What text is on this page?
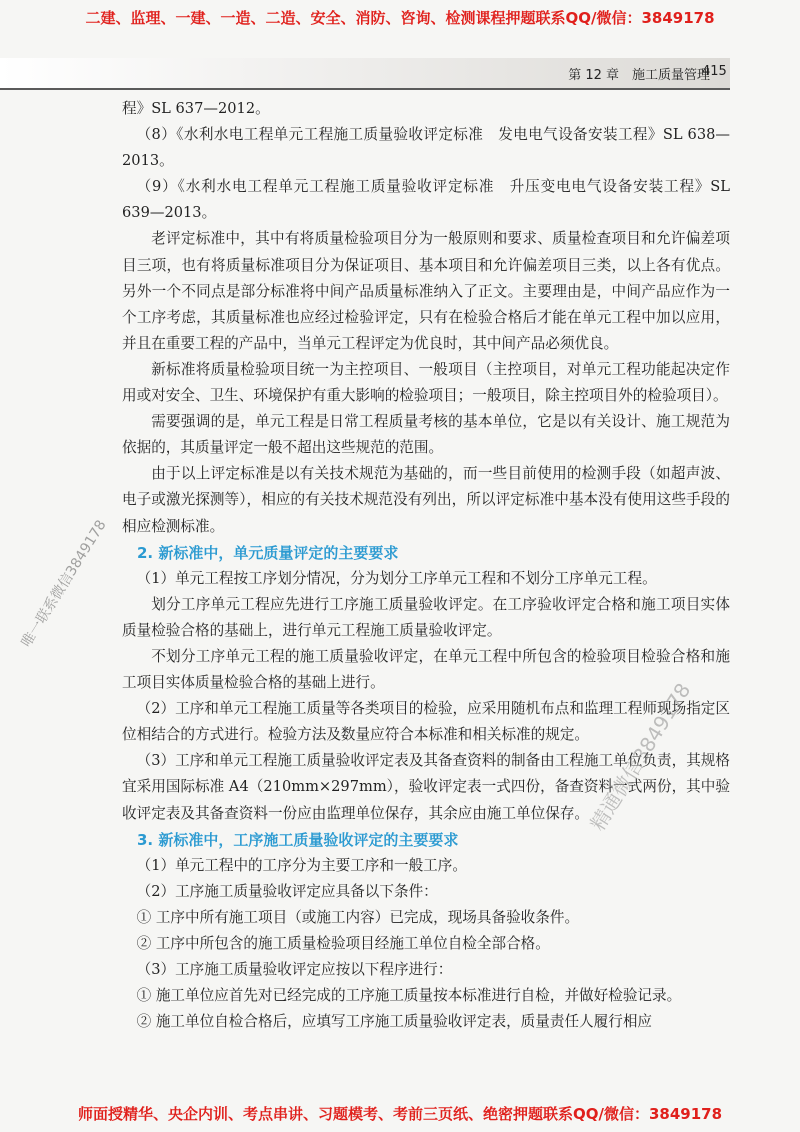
二建、监理、一建、一造、二造、安全、消防、咨询、检测课程押题联系QQ/微信：3849178
第 12 章　施工质量管理
415

程》SL 637—2012。

（8）《水利水电工程单元工程施工质量验收评定标准　发电电气设备安装工程》SL 638—2013。

（9）《水利水电工程单元工程施工质量验收评定标准　升压变电电气设备安装工程》SL 639—2013。

老评定标准中，其中有将质量检验项目分为一般原则和要求、质量检查项目和允许偏差项目三项，也有将质量标准项目分为保证项目、基本项目和允许偏差项目三类，以上各有优点。另外一个不同点是部分标准将中间产品质量标准纳入了正文。主要理由是，中间产品应作为一个工序考虑，其质量标准也应经过检验评定，只有在检验合格后才能在单元工程中加以应用，并且在重要工程的产品中，当单元工程评定为优良时，其中间产品必须优良。

新标准将质量检验项目统一为主控项目、一般项目（主控项目，对单元工程功能起决定作用或对安全、卫生、环境保护有重大影响的检验项目；一般项目，除主控项目外的检验项目）。

需要强调的是，单元工程是日常工程质量考核的基本单位，它是以有关设计、施工规范为依据的，其质量评定一般不超出这些规范的范围。

由于以上评定标准是以有关技术规范为基础的，而一些目前使用的检测手段（如超声波、电子或激光探测等），相应的有关技术规范没有列出，所以评定标准中基本没有使用这些手段的相应检测标准。

2. 新标准中，单元质量评定的主要要求

（1）单元工程按工序划分情况，分为划分工序单元工程和不划分工序单元工程。

划分工序单元工程应先进行工序施工质量验收评定。在工序验收评定合格和施工项目实体质量检验合格的基础上，进行单元工程施工质量验收评定。

不划分工序单元工程的施工质量验收评定，在单元工程中所包含的检验项目检验合格和施工项目实体质量检验合格的基础上进行。

（2）工序和单元工程施工质量等各类项目的检验，应采用随机布点和监理工程师现场指定区位相结合的方式进行。检验方法及数量应符合本标准和相关标准的规定。

（3）工序和单元工程施工质量验收评定表及其备查资料的制备由工程施工单位负责，其规格宜采用国际标准 A4（210mm×297mm），验收评定表一式四份，备查资料一式两份，其中验收评定表及其备查资料一份应由监理单位保存，其余应由施工单位保存。

3. 新标准中，工序施工质量验收评定的主要要求

（1）单元工程中的工序分为主要工序和一般工序。

（2）工序施工质量验收评定应具备以下条件：

① 工序中所有施工项目（或施工内容）已完成，现场具备验收条件。

② 工序中所包含的施工质量检验项目经施工单位自检全部合格。

（3）工序施工质量验收评定应按以下程序进行：

① 施工单位应首先对已经完成的工序施工质量按本标准进行自检，并做好检验记录。

② 施工单位自检合格后，应填写工序施工质量验收评定表，质量责任人履行相应

唯一联系微信3849178
精通微信3849178
师面授精华、央企内训、考点串讲、习题模考、考前三页纸、绝密押题联系QQ/微信：3849178
